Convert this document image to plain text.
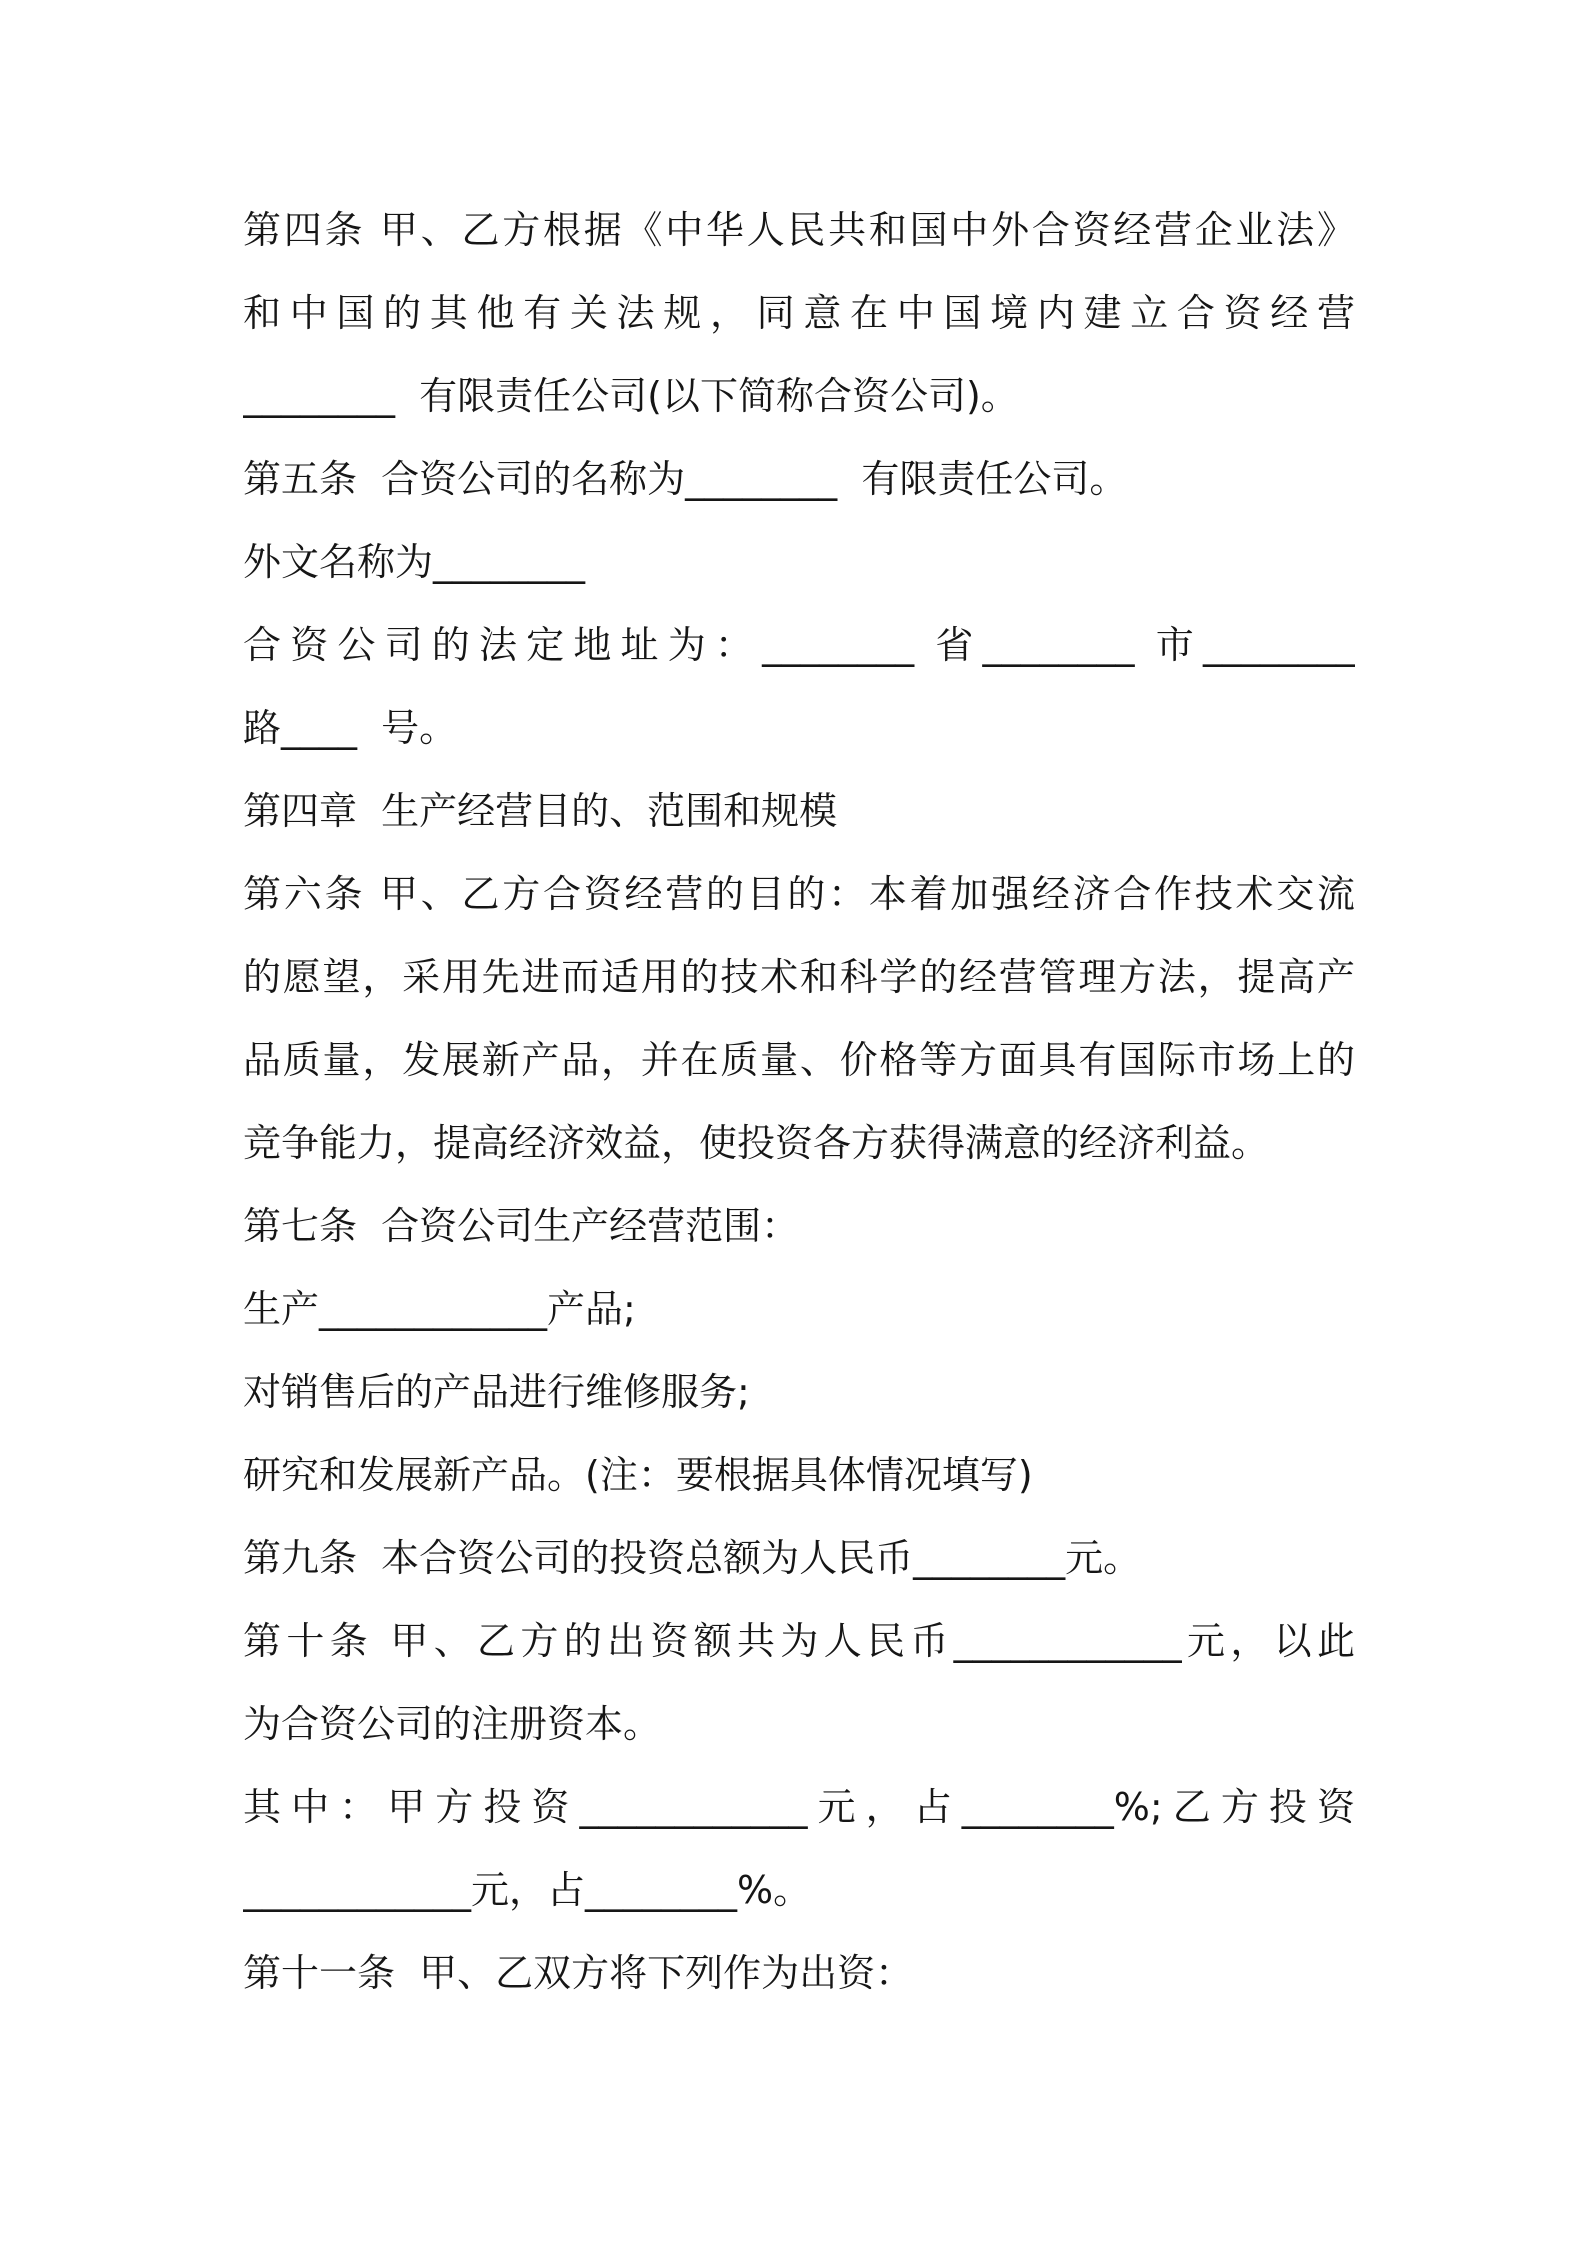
第四条 甲、乙方根据《中华人民共和国中外合资经营企业法》
和中国的其他有关法规，同意在中国境内建立合资经营
________  有限责任公司(以下简称合资公司)。
第五条  合资公司的名称为________  有限责任公司。
外文名称为________
合资公司的法定地址为：________ 省________ 市________
路____  号。
第四章  生产经营目的、范围和规模
第六条 甲、乙方合资经营的目的：本着加强经济合作技术交流
的愿望，采用先进而适用的技术和科学的经营管理方法，提高产
品质量，发展新产品，并在质量、价格等方面具有国际市场上的
竞争能力，提高经济效益，使投资各方获得满意的经济利益。
第七条  合资公司生产经营范围：
生产____________产品;
对销售后的产品进行维修服务;
研究和发展新产品。(注：要根据具体情况填写)
第九条  本合资公司的投资总额为人民币________元。
第十条 甲、乙方的出资额共为人民币____________元，以此
为合资公司的注册资本。
其中：甲方投资____________元，占________%;乙方投资
____________元，占________%。
第十一条  甲、乙双方将下列作为出资：
